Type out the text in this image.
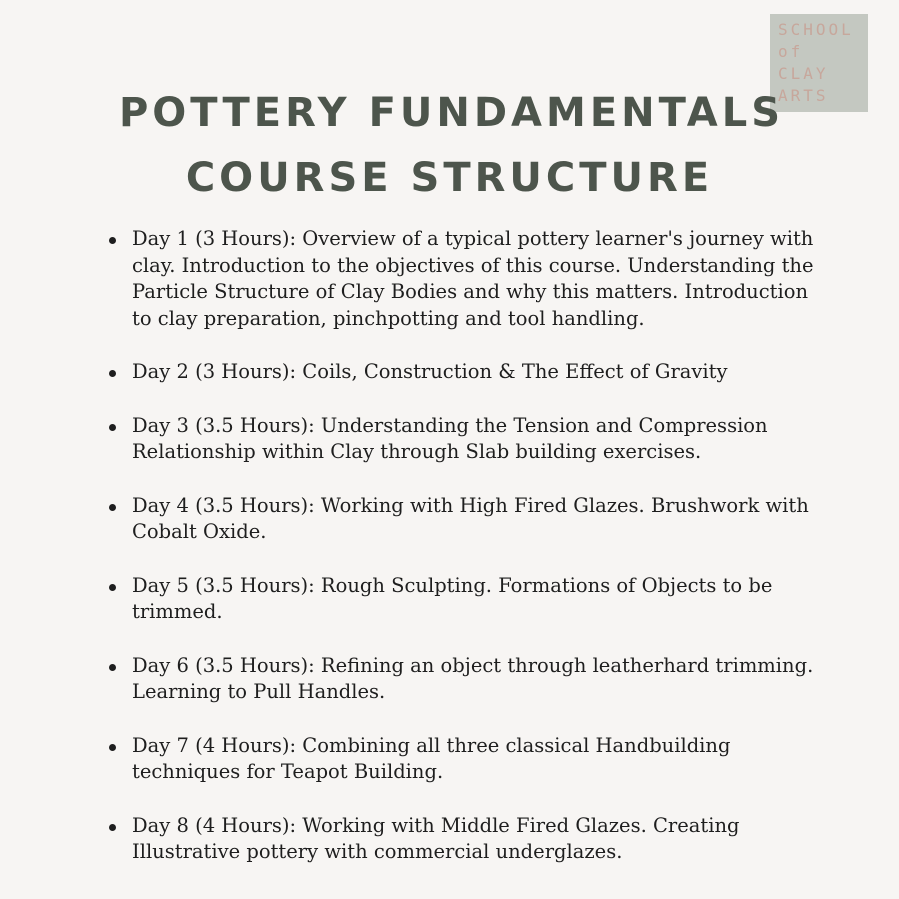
SCHOOL
of
CLAY
ARTS
POTTERY FUNDAMENTALS
COURSE STRUCTURE
Day 1 (3 Hours): Overview of a typical pottery learner's journey with clay. Introduction to the objectives of this course. Understanding the Particle Structure of Clay Bodies and why this matters. Introduction to clay preparation, pinchpotting and tool handling.
Day 2 (3 Hours): Coils, Construction & The Effect of Gravity
Day 3 (3.5 Hours): Understanding the Tension and Compression Relationship within Clay through Slab building exercises.
Day 4 (3.5 Hours): Working with High Fired Glazes. Brushwork with Cobalt Oxide.
Day 5 (3.5 Hours): Rough Sculpting. Formations of Objects to be trimmed.
Day 6 (3.5 Hours): Refining an object through leatherhard trimming. Learning to Pull Handles.
Day 7 (4 Hours): Combining all three classical Handbuilding techniques for Teapot Building.
Day 8 (4 Hours): Working with Middle Fired Glazes. Creating Illustrative pottery with commercial underglazes.
